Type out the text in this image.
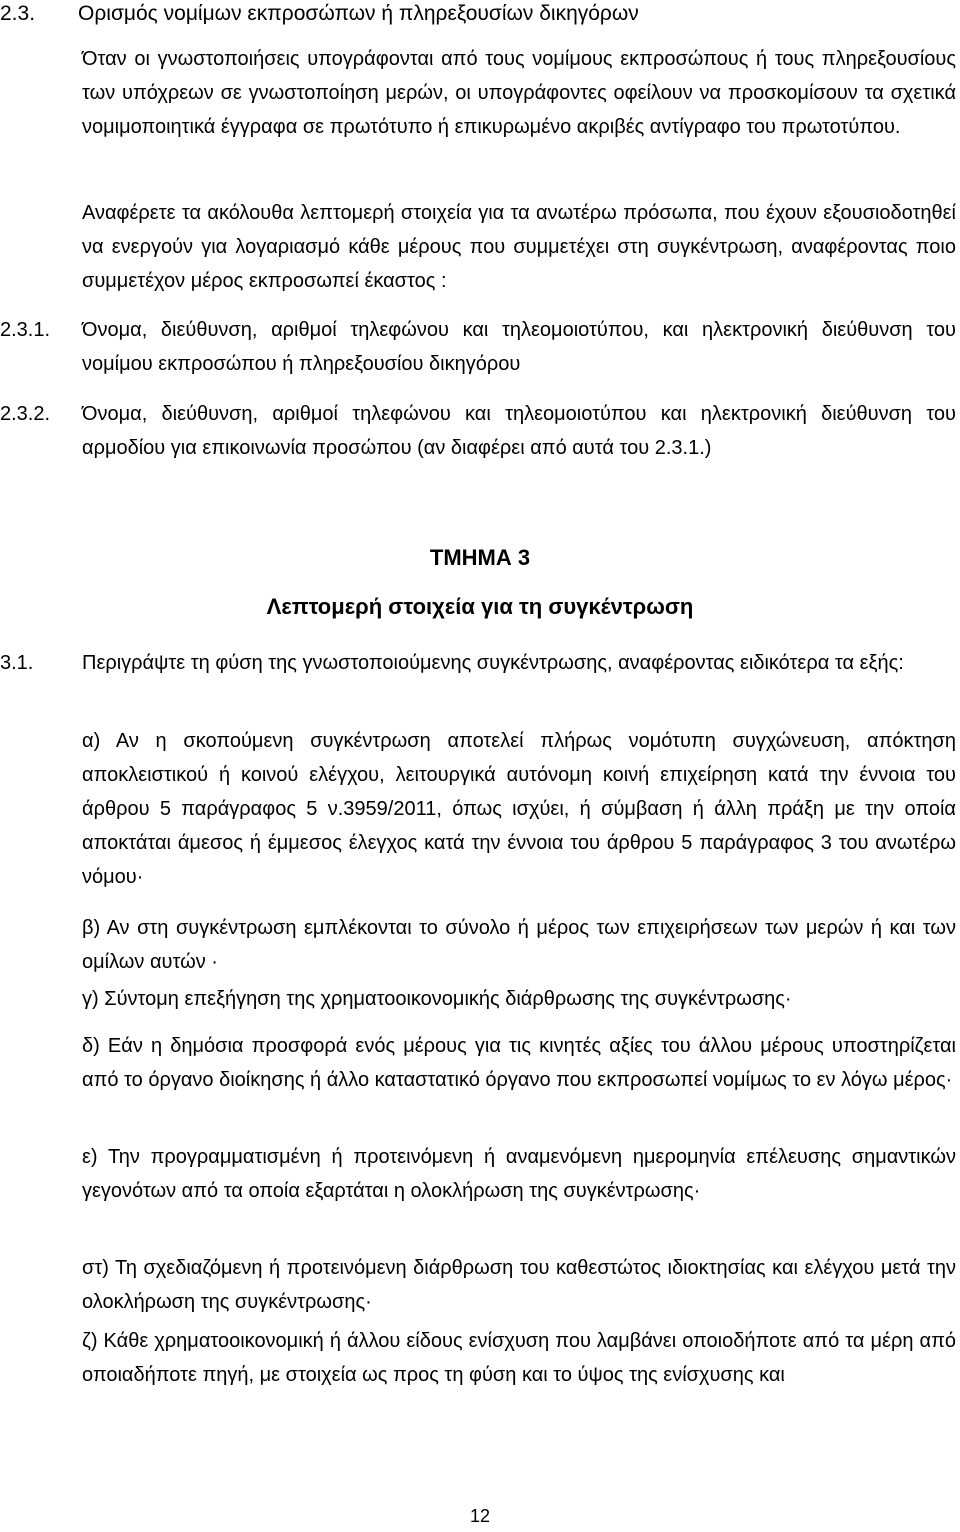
2.3. Ορισμός νομίμων εκπροσώπων ή πληρεξουσίων δικηγόρων
Όταν οι γνωστοποιήσεις υπογράφονται από τους νομίμους εκπροσώπους ή τους πληρεξουσίους των υπόχρεων σε γνωστοποίηση μερών, οι υπογράφοντες οφείλουν να προσκομίσουν τα σχετικά νομιμοποιητικά έγγραφα σε πρωτότυπο ή επικυρωμένο ακριβές αντίγραφο του πρωτοτύπου.
Αναφέρετε τα ακόλουθα λεπτομερή στοιχεία για τα ανωτέρω πρόσωπα, που έχουν εξουσιοδοτηθεί να ενεργούν για λογαριασμό κάθε μέρους που συμμετέχει στη συγκέντρωση, αναφέροντας ποιο συμμετέχον μέρος εκπροσωπεί έκαστος :
2.3.1. Όνομα, διεύθυνση, αριθμοί τηλεφώνου και τηλεομοιοτύπου, και ηλεκτρονική διεύθυνση του νομίμου εκπροσώπου ή πληρεξουσίου δικηγόρου
2.3.2. Όνομα, διεύθυνση, αριθμοί τηλεφώνου και τηλεομοιοτύπου και ηλεκτρονική διεύθυνση του αρμοδίου για επικοινωνία προσώπου (αν διαφέρει από αυτά του 2.3.1.)
ΤΜΗΜΑ 3
Λεπτομερή στοιχεία για τη συγκέντρωση
3.1. Περιγράψτε τη φύση της γνωστοποιούμενης συγκέντρωσης, αναφέροντας ειδικότερα τα εξής:
α) Αν η σκοπούμενη συγκέντρωση αποτελεί πλήρως νομότυπη συγχώνευση, απόκτηση αποκλειστικού ή κοινού ελέγχου, λειτουργικά αυτόνομη κοινή επιχείρηση κατά την έννοια του άρθρου 5 παράγραφος 5 ν.3959/2011, όπως ισχύει, ή σύμβαση ή άλλη πράξη με την οποία αποκτάται άμεσος ή έμμεσος έλεγχος κατά την έννοια του άρθρου 5 παράγραφος 3 του ανωτέρω νόμου·
β) Αν στη συγκέντρωση εμπλέκονται το σύνολο ή μέρος των επιχειρήσεων των μερών ή και των ομίλων αυτών ·
γ) Σύντομη επεξήγηση της χρηματοοικονομικής διάρθρωσης της συγκέντρωσης·
δ) Εάν η δημόσια προσφορά ενός μέρους για τις κινητές αξίες του άλλου μέρους υποστηρίζεται από το όργανο διοίκησης ή άλλο καταστατικό όργανο που εκπροσωπεί νομίμως το εν λόγω μέρος·
ε) Την προγραμματισμένη ή προτεινόμενη ή αναμενόμενη ημερομηνία επέλευσης σημαντικών γεγονότων από τα οποία εξαρτάται η ολοκλήρωση της συγκέντρωσης·
στ) Τη σχεδιαζόμενη ή προτεινόμενη διάρθρωση του καθεστώτος ιδιοκτησίας και ελέγχου μετά την ολοκλήρωση της συγκέντρωσης·
ζ) Κάθε χρηματοοικονομική ή άλλου είδους ενίσχυση που λαμβάνει οποιοδήποτε από τα μέρη από οποιαδήποτε πηγή, με στοιχεία ως προς τη φύση και το ύψος της ενίσχυσης και
12
